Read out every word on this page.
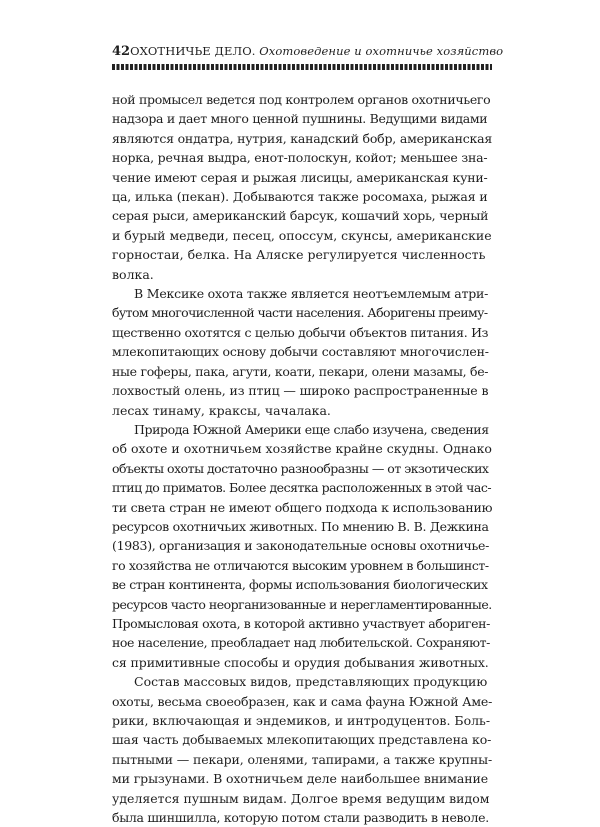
42 ОХОТНИЧЬЕ ДЕЛО. Охотоведение и охотничье хозяйство
ной промысел ведется под контролем органов охотничьего
надзора и дает много ценной пушнины. Ведущими видами
являются ондатра, нутрия, канадский бобр, американская
норка, речная выдра, енот-полоскун, койот; меньшее зна-
чение имеют серая и рыжая лисицы, американская куни-
ца, илька (пекан). Добываются также росомаха, рыжая и
серая рыси, американский барсук, кошачий хорь, черный
и бурый медведи, песец, опоссум, скунсы, американские
горностаи, белка. На Аляске регулируется численность
волка.
В Мексике охота также является неотъемлемым атри-
бутом многочисленной части населения. Аборигены преиму-
щественно охотятся с целью добычи объектов питания. Из
млекопитающих основу добычи составляют многочислен-
ные гоферы, пака, агути, коати, пекари, олени мазамы, бе-
лохвостый олень, из птиц — широко распространенные в
лесах тинаму, краксы, чачалака.
Природа Южной Америки еще слабо изучена, сведения
об охоте и охотничьем хозяйстве крайне скудны. Однако
объекты охоты достаточно разнообразны — от экзотических
птиц до приматов. Более десятка расположенных в этой час-
ти света стран не имеют общего подхода к использованию
ресурсов охотничьих животных. По мнению В. В. Дежкина
(1983), организация и законодательные основы охотничье-
го хозяйства не отличаются высоким уровнем в большинст-
ве стран континента, формы использования биологических
ресурсов часто неорганизованные и нерегламентированные.
Промысловая охота, в которой активно участвует абориген-
ное население, преобладает над любительской. Сохраняют-
ся примитивные способы и орудия добывания животных.
Состав массовых видов, представляющих продукцию
охоты, весьма своеобразен, как и сама фауна Южной Аме-
рики, включающая и эндемиков, и интродуцентов. Боль-
шая часть добываемых млекопитающих представлена ко-
пытными — пекари, оленями, тапирами, а также крупны-
ми грызунами. В охотничьем деле наибольшее внимание
уделяется пушным видам. Долгое время ведущим видом
была шиншилла, которую потом стали разводить в неволе.
